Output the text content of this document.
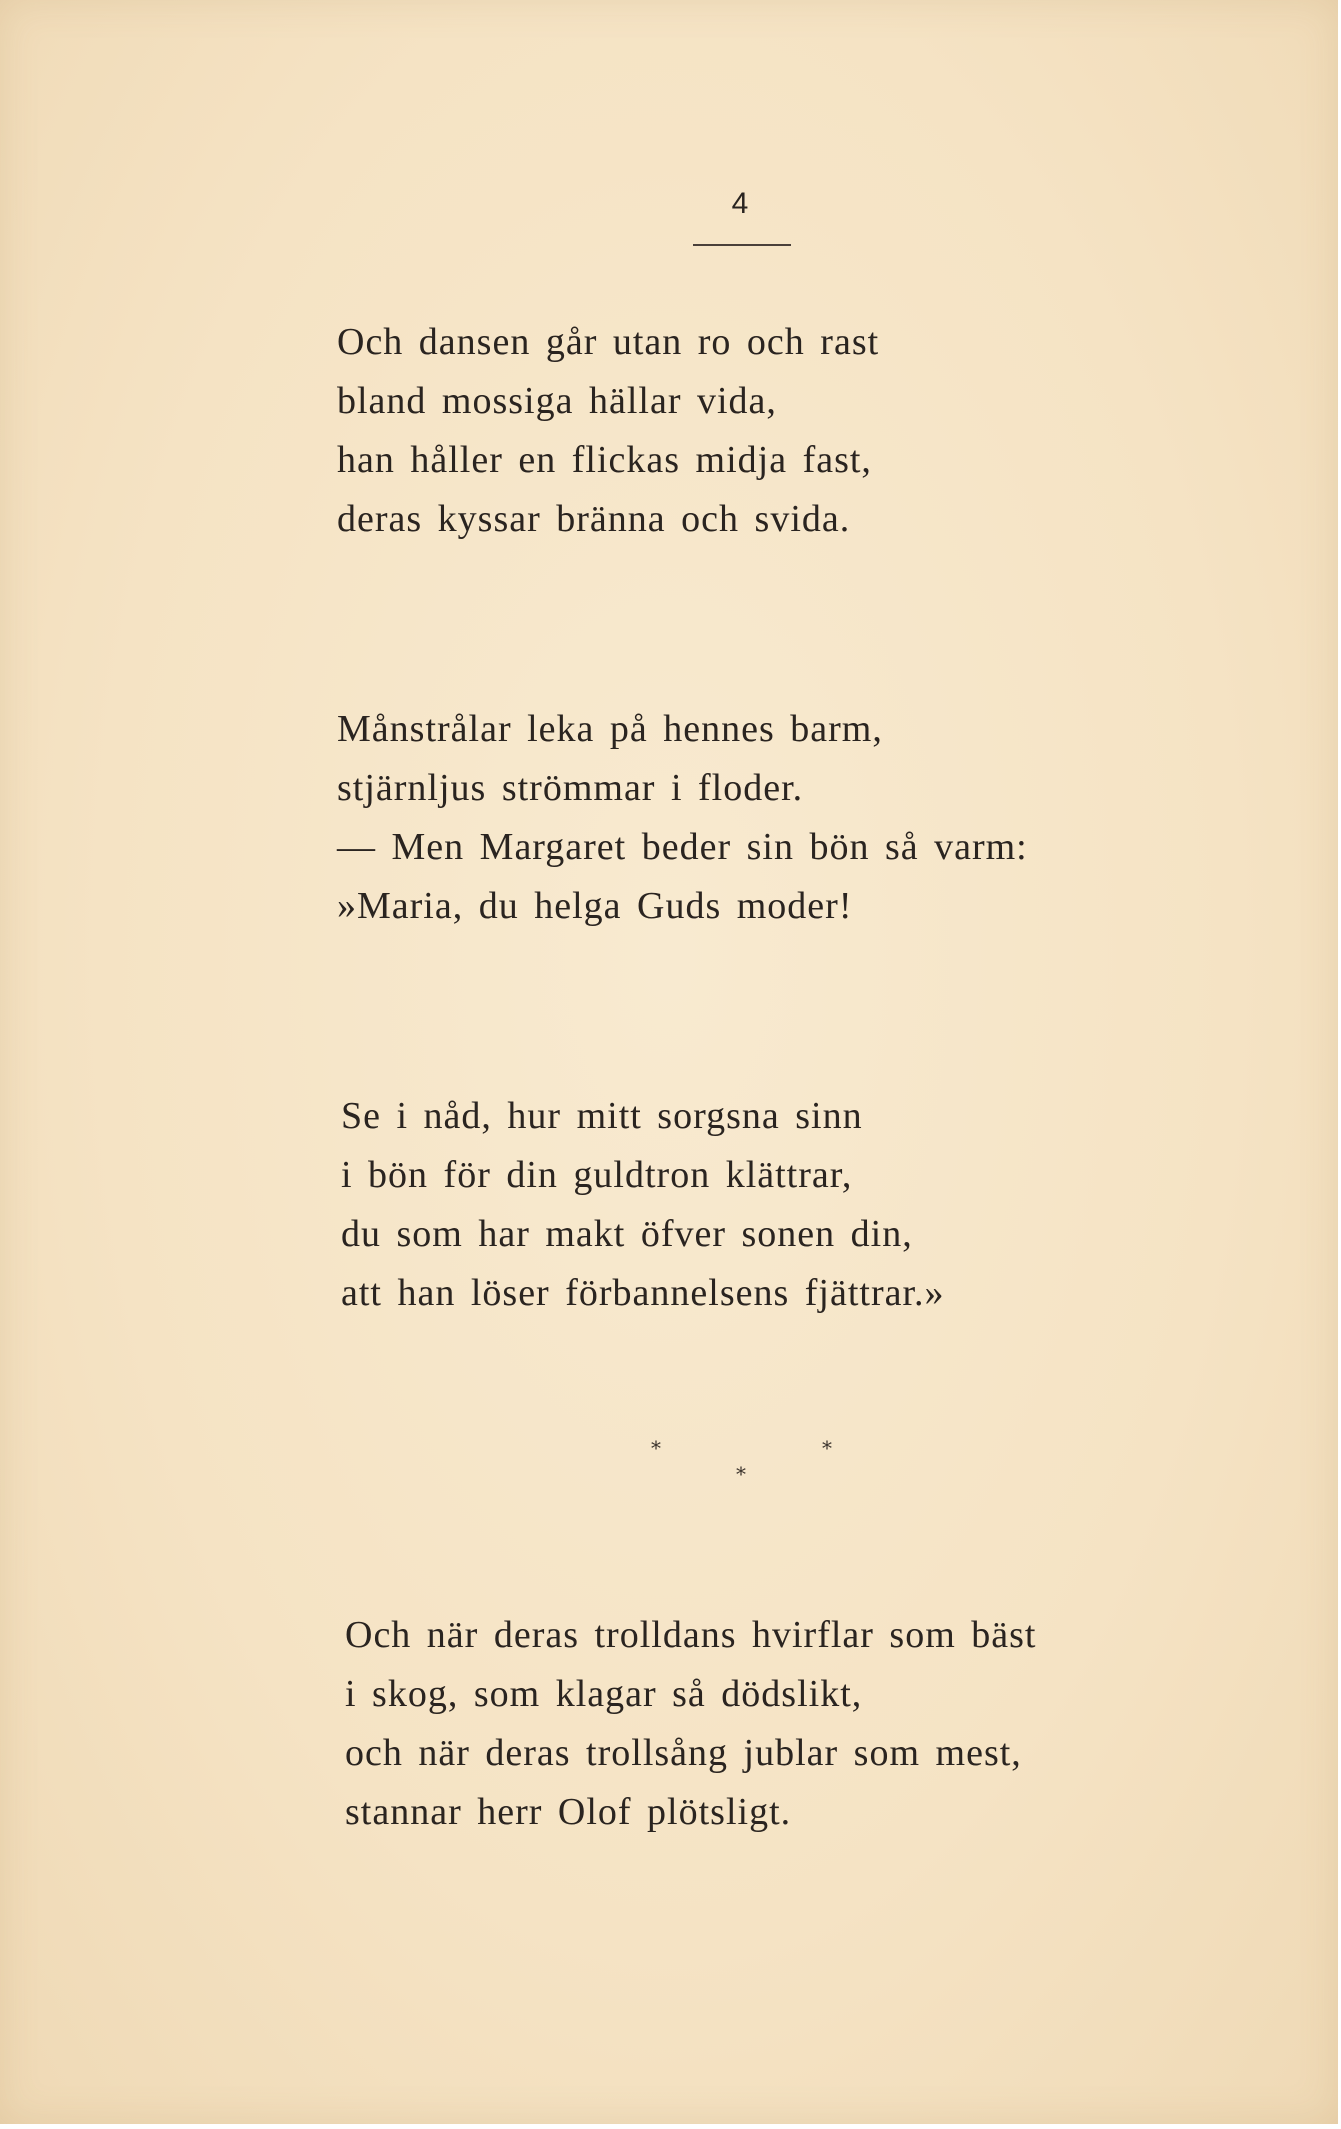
4

Och dansen går utan ro och rast
bland mossiga hällar vida,
han håller en flickas midja fast,
deras kyssar bränna och svida.

Månstrålar leka på hennes barm,
stjärnljus strömmar i floder.
— Men Margaret beder sin bön så varm:
»Maria, du helga Guds moder!

Se i nåd, hur mitt sorgsna sinn
i bön för din guldtron klättrar,
du som har makt öfver sonen din,
att han löser förbannelsens fjättrar.»

*	*
*

Och när deras trolldans hvirflar som bäst
i skog, som klagar så dödslikt,
och när deras trollsång jublar som mest,
stannar herr Olof plötsligt.
